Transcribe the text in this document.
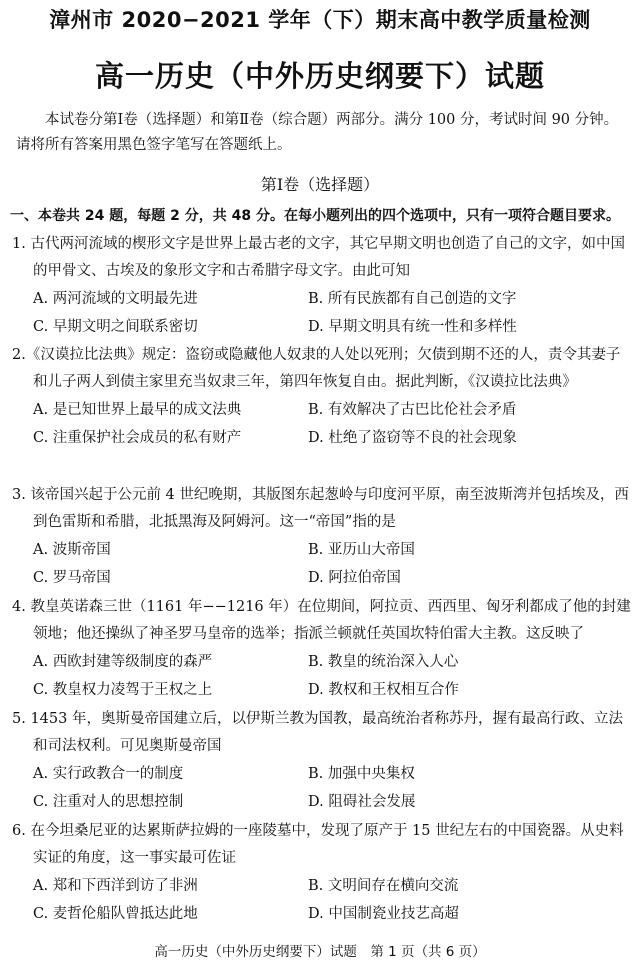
漳州市 2020−2021 学年（下）期末高中教学质量检测
高一历史（中外历史纲要下）试题
本试卷分第Ⅰ卷（选择题）和第Ⅱ卷（综合题）两部分。满分 100 分，考试时间 90 分钟。请将所有答案用黑色签字笔写在答题纸上。
第Ⅰ卷（选择题）
一、本卷共 24 题，每题 2 分，共 48 分。在每小题列出的四个选项中，只有一项符合题目要求。
1. 古代两河流域的楔形文字是世界上最古老的文字，其它早期文明也创造了自己的文字，如中国的甲骨文、古埃及的象形文字和古希腊字母文字。由此可知
A. 两河流域的文明最先进	B. 所有民族都有自己创造的文字
C. 早期文明之间联系密切	D. 早期文明具有统一性和多样性
2.《汉谟拉比法典》规定：盗窃或隐藏他人奴隶的人处以死刑；欠债到期不还的人，责令其妻子和儿子两人到债主家里充当奴隶三年，第四年恢复自由。据此判断，《汉谟拉比法典》
A. 是已知世界上最早的成文法典	B. 有效解决了古巴比伦社会矛盾
C. 注重保护社会成员的私有财产	D. 杜绝了盗窃等不良的社会现象
3. 该帝国兴起于公元前 4 世纪晚期，其版图东起葱岭与印度河平原，南至波斯湾并包括埃及，西到色雷斯和希腊，北抵黑海及阿姆河。这一“帝国”指的是
A. 波斯帝国	B. 亚历山大帝国
C. 罗马帝国	D. 阿拉伯帝国
4. 教皇英诺森三世（1161 年−−1216 年）在位期间，阿拉贡、西西里、匈牙利都成了他的封建领地；他还操纵了神圣罗马皇帝的选举；指派兰顿就任英国坎特伯雷大主教。这反映了
A. 西欧封建等级制度的森严	B. 教皇的统治深入人心
C. 教皇权力凌驾于王权之上	D. 教权和王权相互合作
5. 1453 年，奥斯曼帝国建立后，以伊斯兰教为国教，最高统治者称苏丹，握有最高行政、立法和司法权利。可见奥斯曼帝国
A. 实行政教合一的制度	B. 加强中央集权
C. 注重对人的思想控制	D. 阻碍社会发展
6. 在今坦桑尼亚的达累斯萨拉姆的一座陵墓中，发现了原产于 15 世纪左右的中国瓷器。从史料实证的角度，这一事实最可佐证
A. 郑和下西洋到访了非洲	B. 文明间存在横向交流
C. 麦哲伦船队曾抵达此地	D. 中国制瓷业技艺高超
高一历史（中外历史纲要下）试题　第 1 页（共 6 页）
